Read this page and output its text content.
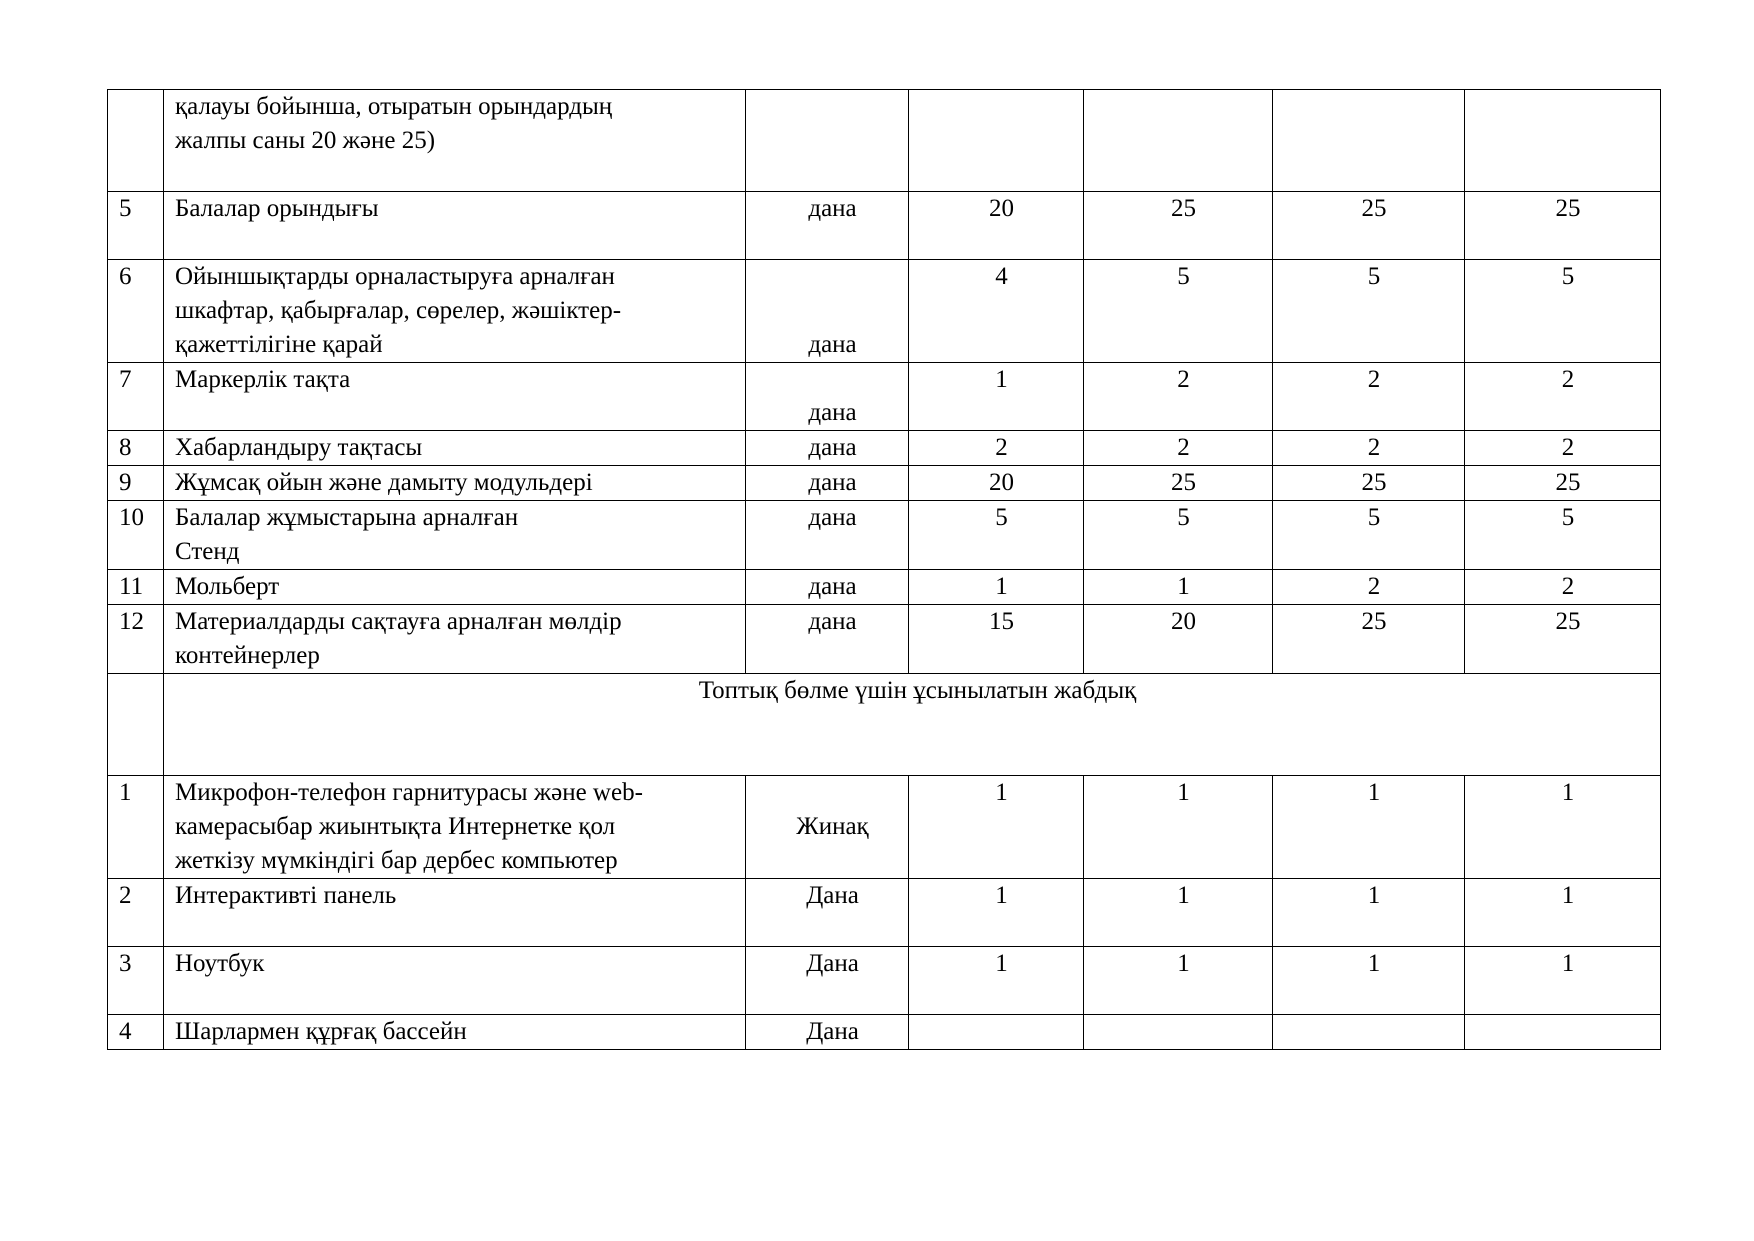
	қалауы бойынша, отыратын орындардың
жалпы саны 20 және 25)					

5	Балалар орындығы	дана	20	25	25	25
6	Ойыншықтарды орналастыруға арналған
шкафтар, қабырғалар, сөрелер, жәшіктер-
қажеттілігіне қарай	дана	4	5	5	5
7	Маркерлік тақта	дана	1	2	2	2
8	Хабарландыру тақтасы	дана	2	2	2	2
9	Жұмсақ ойын және дамыту модульдері	дана	20	25	25	25
10	Балалар жұмыстарына арналған
Стенд	дана	5	5	5	5
11	Мольберт	дана	1	1	2	2
12	Материалдарды сақтауға арналған мөлдір
контейнерлер	дана	15	20	25	25
	Топтық бөлме үшін ұсынылатын жабдық					
1	Микрофон-телефон гарнитурасы және web-
камерасыбар жиынтықта Интернетке қол
жеткізу мүмкіндігі бар дербес компьютер	Жинақ	1	1	1	1
2	Интерактивті панель	Дана	1	1	1	1
3	Ноутбук	Дана	1	1	1	1
4	Шарлармен құрғақ бассейн	Дана				
